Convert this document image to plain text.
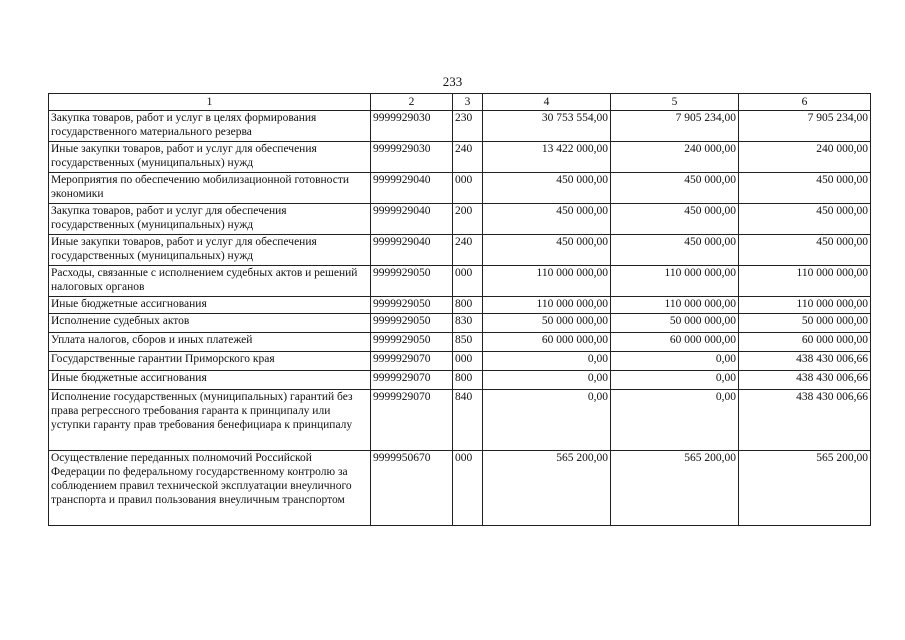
233
1	2	3	4	5	6
Закупка товаров, работ и услуг в целях формирования государственного материального резерва	9999929030	230	30 753 554,00	7 905 234,00	7 905 234,00
Иные закупки товаров, работ и услуг для обеспечения государственных (муниципальных) нужд	9999929030	240	13 422 000,00	240 000,00	240 000,00
Мероприятия по обеспечению мобилизационной готовности экономики	9999929040	000	450 000,00	450 000,00	450 000,00
Закупка товаров, работ и услуг для обеспечения государственных (муниципальных) нужд	9999929040	200	450 000,00	450 000,00	450 000,00
Иные закупки товаров, работ и услуг для обеспечения государственных (муниципальных) нужд	9999929040	240	450 000,00	450 000,00	450 000,00
Расходы, связанные с исполнением судебных актов и решений налоговых органов	9999929050	000	110 000 000,00	110 000 000,00	110 000 000,00
Иные бюджетные ассигнования	9999929050	800	110 000 000,00	110 000 000,00	110 000 000,00
Исполнение судебных актов	9999929050	830	50 000 000,00	50 000 000,00	50 000 000,00
Уплата налогов, сборов и иных платежей	9999929050	850	60 000 000,00	60 000 000,00	60 000 000,00
Государственные гарантии Приморского края	9999929070	000	0,00	0,00	438 430 006,66
Иные бюджетные ассигнования	9999929070	800	0,00	0,00	438 430 006,66
Исполнение государственных (муниципальных) гарантий без права регрессного требования гаранта к принципалу или уступки гаранту прав требования бенефициара к принципалу	9999929070	840	0,00	0,00	438 430 006,66
Осуществление переданных полномочий Российской Федерации по федеральному государственному контролю за соблюдением правил технической эксплуатации внеуличного транспорта и правил пользования внеуличным транспортом	9999950670	000	565 200,00	565 200,00	565 200,00
